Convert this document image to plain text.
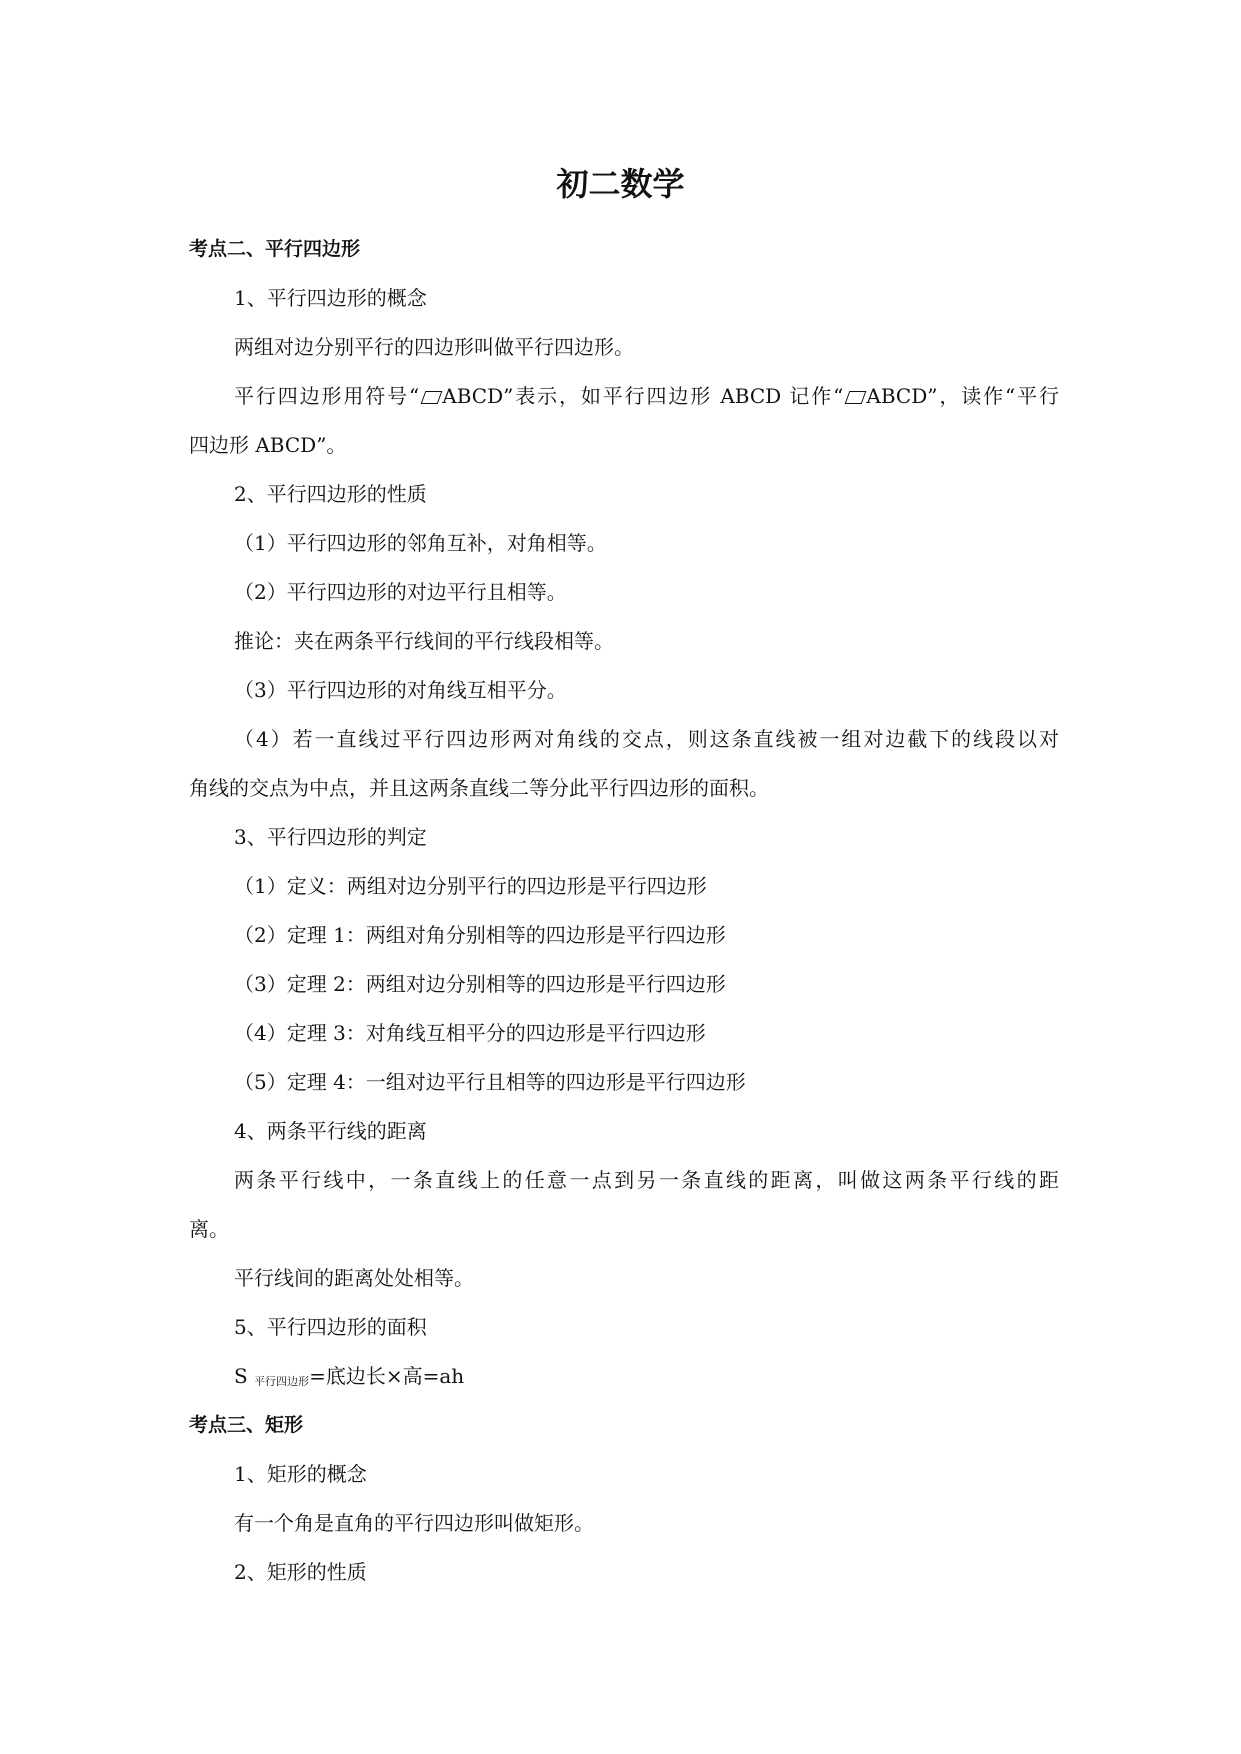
初二数学
考点二、平行四边形
1、平行四边形的概念
两组对边分别平行的四边形叫做平行四边形。
平行四边形用符号“ ABCD”表示，如平行四边形 ABCD 记作“ ABCD”，读作“平行
四边形 ABCD”。
2、平行四边形的性质
（1）平行四边形的邻角互补，对角相等。
（2）平行四边形的对边平行且相等。
推论：夹在两条平行线间的平行线段相等。
（3）平行四边形的对角线互相平分。
（4）若一直线过平行四边形两对角线的交点，则这条直线被一组对边截下的线段以对
角线的交点为中点，并且这两条直线二等分此平行四边形的面积。
3、平行四边形的判定
（1）定义：两组对边分别平行的四边形是平行四边形
（2）定理 1：两组对角分别相等的四边形是平行四边形
（3）定理 2：两组对边分别相等的四边形是平行四边形
（4）定理 3：对角线互相平分的四边形是平行四边形
（5）定理 4：一组对边平行且相等的四边形是平行四边形
4、两条平行线的距离
两条平行线中，一条直线上的任意一点到另一条直线的距离，叫做这两条平行线的距
离。
平行线间的距离处处相等。
5、平行四边形的面积
S 平行四边形=底边长×高=ah
考点三、矩形
1、矩形的概念
有一个角是直角的平行四边形叫做矩形。
2、矩形的性质
